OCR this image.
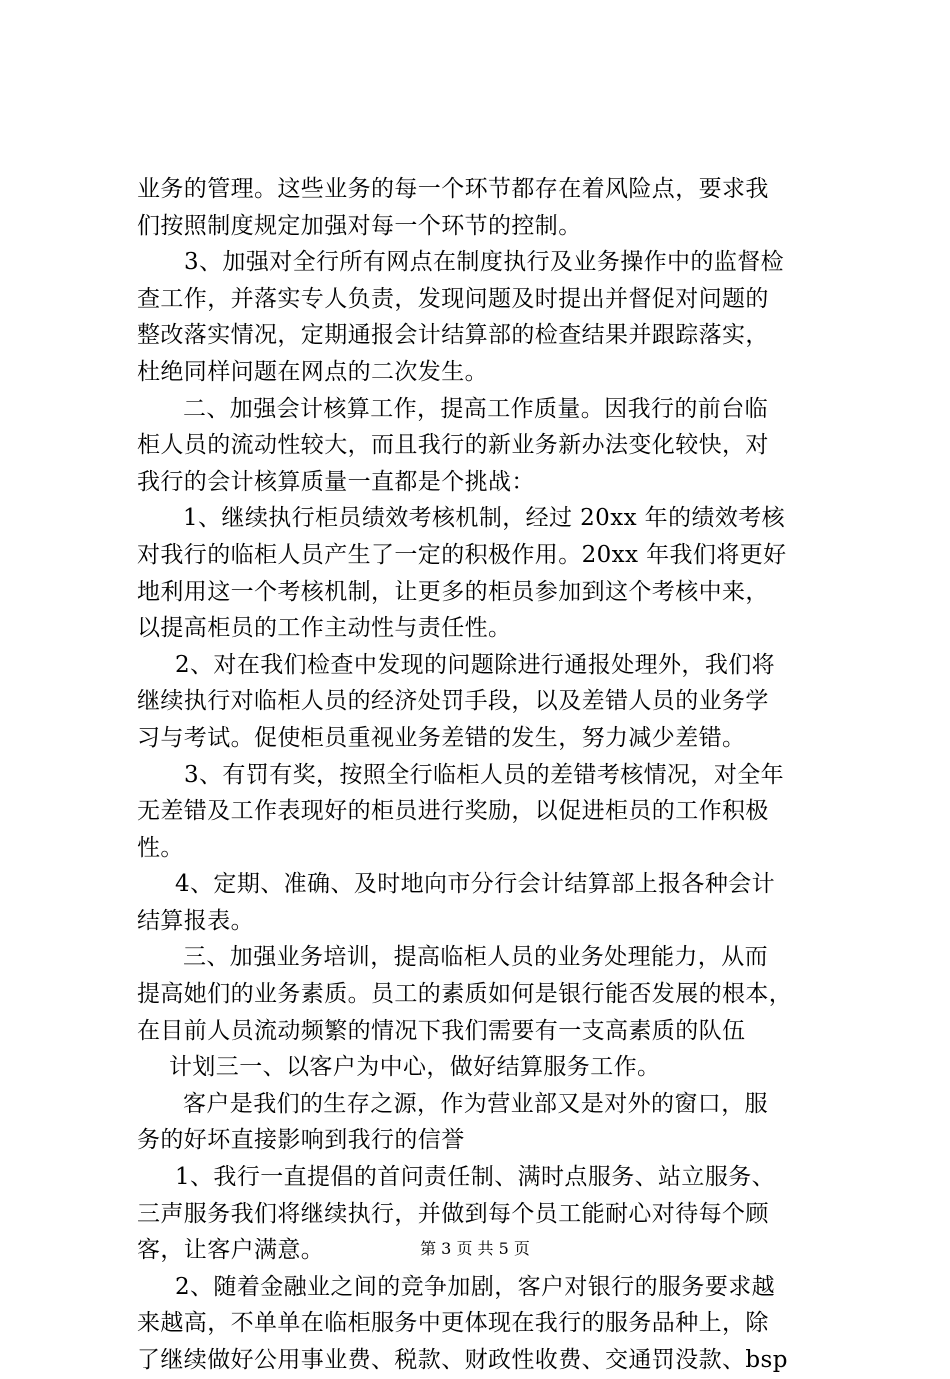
业务的管理。这些业务的每一个环节都存在着风险点，要求我
们按照制度规定加强对每一个环节的控制。
3、加强对全行所有网点在制度执行及业务操作中的监督检
查工作，并落实专人负责，发现问题及时提出并督促对问题的
整改落实情况，定期通报会计结算部的检查结果并跟踪落实，
杜绝同样问题在网点的二次发生。
二、加强会计核算工作，提高工作质量。因我行的前台临
柜人员的流动性较大，而且我行的新业务新办法变化较快，对
我行的会计核算质量一直都是个挑战：
1、继续执行柜员绩效考核机制，经过 20xx 年的绩效考核
对我行的临柜人员产生了一定的积极作用。20xx 年我们将更好
地利用这一个考核机制，让更多的柜员参加到这个考核中来，
以提高柜员的工作主动性与责任性。
2、对在我们检查中发现的问题除进行通报处理外，我们将
继续执行对临柜人员的经济处罚手段，以及差错人员的业务学
习与考试。促使柜员重视业务差错的发生，努力减少差错。
3、有罚有奖，按照全行临柜人员的差错考核情况，对全年
无差错及工作表现好的柜员进行奖励，以促进柜员的工作积极
性。
4、定期、准确、及时地向市分行会计结算部上报各种会计
结算报表。
三、加强业务培训，提高临柜人员的业务处理能力，从而
提高她们的业务素质。员工的素质如何是银行能否发展的根本，
在目前人员流动频繁的情况下我们需要有一支高素质的队伍
计划三一、以客户为中心，做好结算服务工作。
客户是我们的生存之源，作为营业部又是对外的窗口，服
务的好坏直接影响到我行的信誉
1、我行一直提倡的首问责任制、满时点服务、站立服务、
三声服务我们将继续执行，并做到每个员工能耐心对待每个顾
客，让客户满意。
2、随着金融业之间的竞争加剧，客户对银行的服务要求越
来越高，不单单在临柜服务中更体现在我行的服务品种上，除
了继续做好公用事业费、税款、财政性收费、交通罚没款、bsp
第 3 页 共 5 页
